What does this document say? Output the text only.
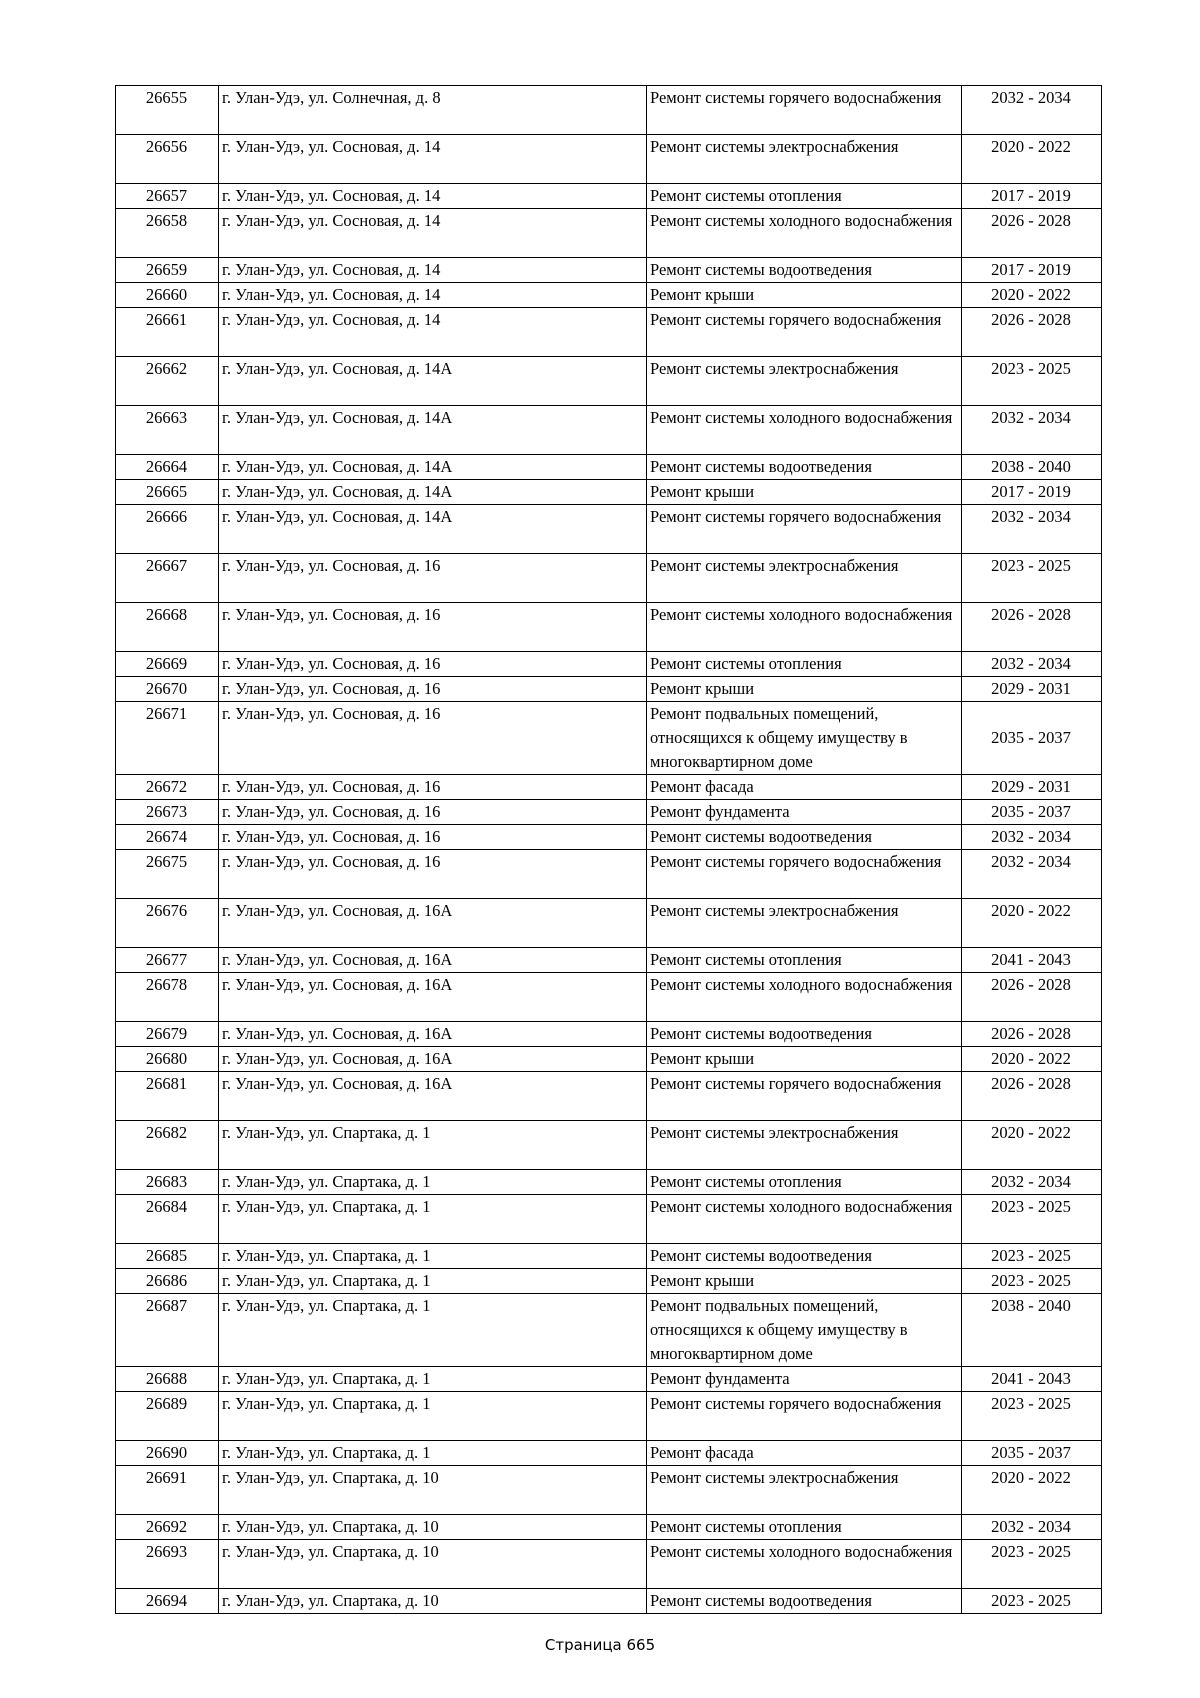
26655	г. Улан-Удэ, ул. Солнечная, д. 8	Ремонт системы горячего водоснабжения	2032 - 2034
26656	г. Улан-Удэ, ул. Сосновая, д. 14	Ремонт системы электроснабжения	2020 - 2022
26657	г. Улан-Удэ, ул. Сосновая, д. 14	Ремонт системы отопления	2017 - 2019
26658	г. Улан-Удэ, ул. Сосновая, д. 14	Ремонт системы холодного водоснабжения	2026 - 2028
26659	г. Улан-Удэ, ул. Сосновая, д. 14	Ремонт системы водоотведения	2017 - 2019
26660	г. Улан-Удэ, ул. Сосновая, д. 14	Ремонт крыши	2020 - 2022
26661	г. Улан-Удэ, ул. Сосновая, д. 14	Ремонт системы горячего водоснабжения	2026 - 2028
26662	г. Улан-Удэ, ул. Сосновая, д. 14А	Ремонт системы электроснабжения	2023 - 2025
26663	г. Улан-Удэ, ул. Сосновая, д. 14А	Ремонт системы холодного водоснабжения	2032 - 2034
26664	г. Улан-Удэ, ул. Сосновая, д. 14А	Ремонт системы водоотведения	2038 - 2040
26665	г. Улан-Удэ, ул. Сосновая, д. 14А	Ремонт крыши	2017 - 2019
26666	г. Улан-Удэ, ул. Сосновая, д. 14А	Ремонт системы горячего водоснабжения	2032 - 2034
26667	г. Улан-Удэ, ул. Сосновая, д. 16	Ремонт системы электроснабжения	2023 - 2025
26668	г. Улан-Удэ, ул. Сосновая, д. 16	Ремонт системы холодного водоснабжения	2026 - 2028
26669	г. Улан-Удэ, ул. Сосновая, д. 16	Ремонт системы отопления	2032 - 2034
26670	г. Улан-Удэ, ул. Сосновая, д. 16	Ремонт крыши	2029 - 2031
26671	г. Улан-Удэ, ул. Сосновая, д. 16	Ремонт подвальных помещений, относящихся к общему имуществу в многоквартирном доме	2035 - 2037
26672	г. Улан-Удэ, ул. Сосновая, д. 16	Ремонт фасада	2029 - 2031
26673	г. Улан-Удэ, ул. Сосновая, д. 16	Ремонт фундамента	2035 - 2037
26674	г. Улан-Удэ, ул. Сосновая, д. 16	Ремонт системы водоотведения	2032 - 2034
26675	г. Улан-Удэ, ул. Сосновая, д. 16	Ремонт системы горячего водоснабжения	2032 - 2034
26676	г. Улан-Удэ, ул. Сосновая, д. 16А	Ремонт системы электроснабжения	2020 - 2022
26677	г. Улан-Удэ, ул. Сосновая, д. 16А	Ремонт системы отопления	2041 - 2043
26678	г. Улан-Удэ, ул. Сосновая, д. 16А	Ремонт системы холодного водоснабжения	2026 - 2028
26679	г. Улан-Удэ, ул. Сосновая, д. 16А	Ремонт системы водоотведения	2026 - 2028
26680	г. Улан-Удэ, ул. Сосновая, д. 16А	Ремонт крыши	2020 - 2022
26681	г. Улан-Удэ, ул. Сосновая, д. 16А	Ремонт системы горячего водоснабжения	2026 - 2028
26682	г. Улан-Удэ, ул. Спартака, д. 1	Ремонт системы электроснабжения	2020 - 2022
26683	г. Улан-Удэ, ул. Спартака, д. 1	Ремонт системы отопления	2032 - 2034
26684	г. Улан-Удэ, ул. Спартака, д. 1	Ремонт системы холодного водоснабжения	2023 - 2025
26685	г. Улан-Удэ, ул. Спартака, д. 1	Ремонт системы водоотведения	2023 - 2025
26686	г. Улан-Удэ, ул. Спартака, д. 1	Ремонт крыши	2023 - 2025
26687	г. Улан-Удэ, ул. Спартака, д. 1	Ремонт подвальных помещений, относящихся к общему имуществу в многоквартирном доме	2038 - 2040
26688	г. Улан-Удэ, ул. Спартака, д. 1	Ремонт фундамента	2041 - 2043
26689	г. Улан-Удэ, ул. Спартака, д. 1	Ремонт системы горячего водоснабжения	2023 - 2025
26690	г. Улан-Удэ, ул. Спартака, д. 1	Ремонт фасада	2035 - 2037
26691	г. Улан-Удэ, ул. Спартака, д. 10	Ремонт системы электроснабжения	2020 - 2022
26692	г. Улан-Удэ, ул. Спартака, д. 10	Ремонт системы отопления	2032 - 2034
26693	г. Улан-Удэ, ул. Спартака, д. 10	Ремонт системы холодного водоснабжения	2023 - 2025
26694	г. Улан-Удэ, ул. Спартака, д. 10	Ремонт системы водоотведения	2023 - 2025
Страница 665
